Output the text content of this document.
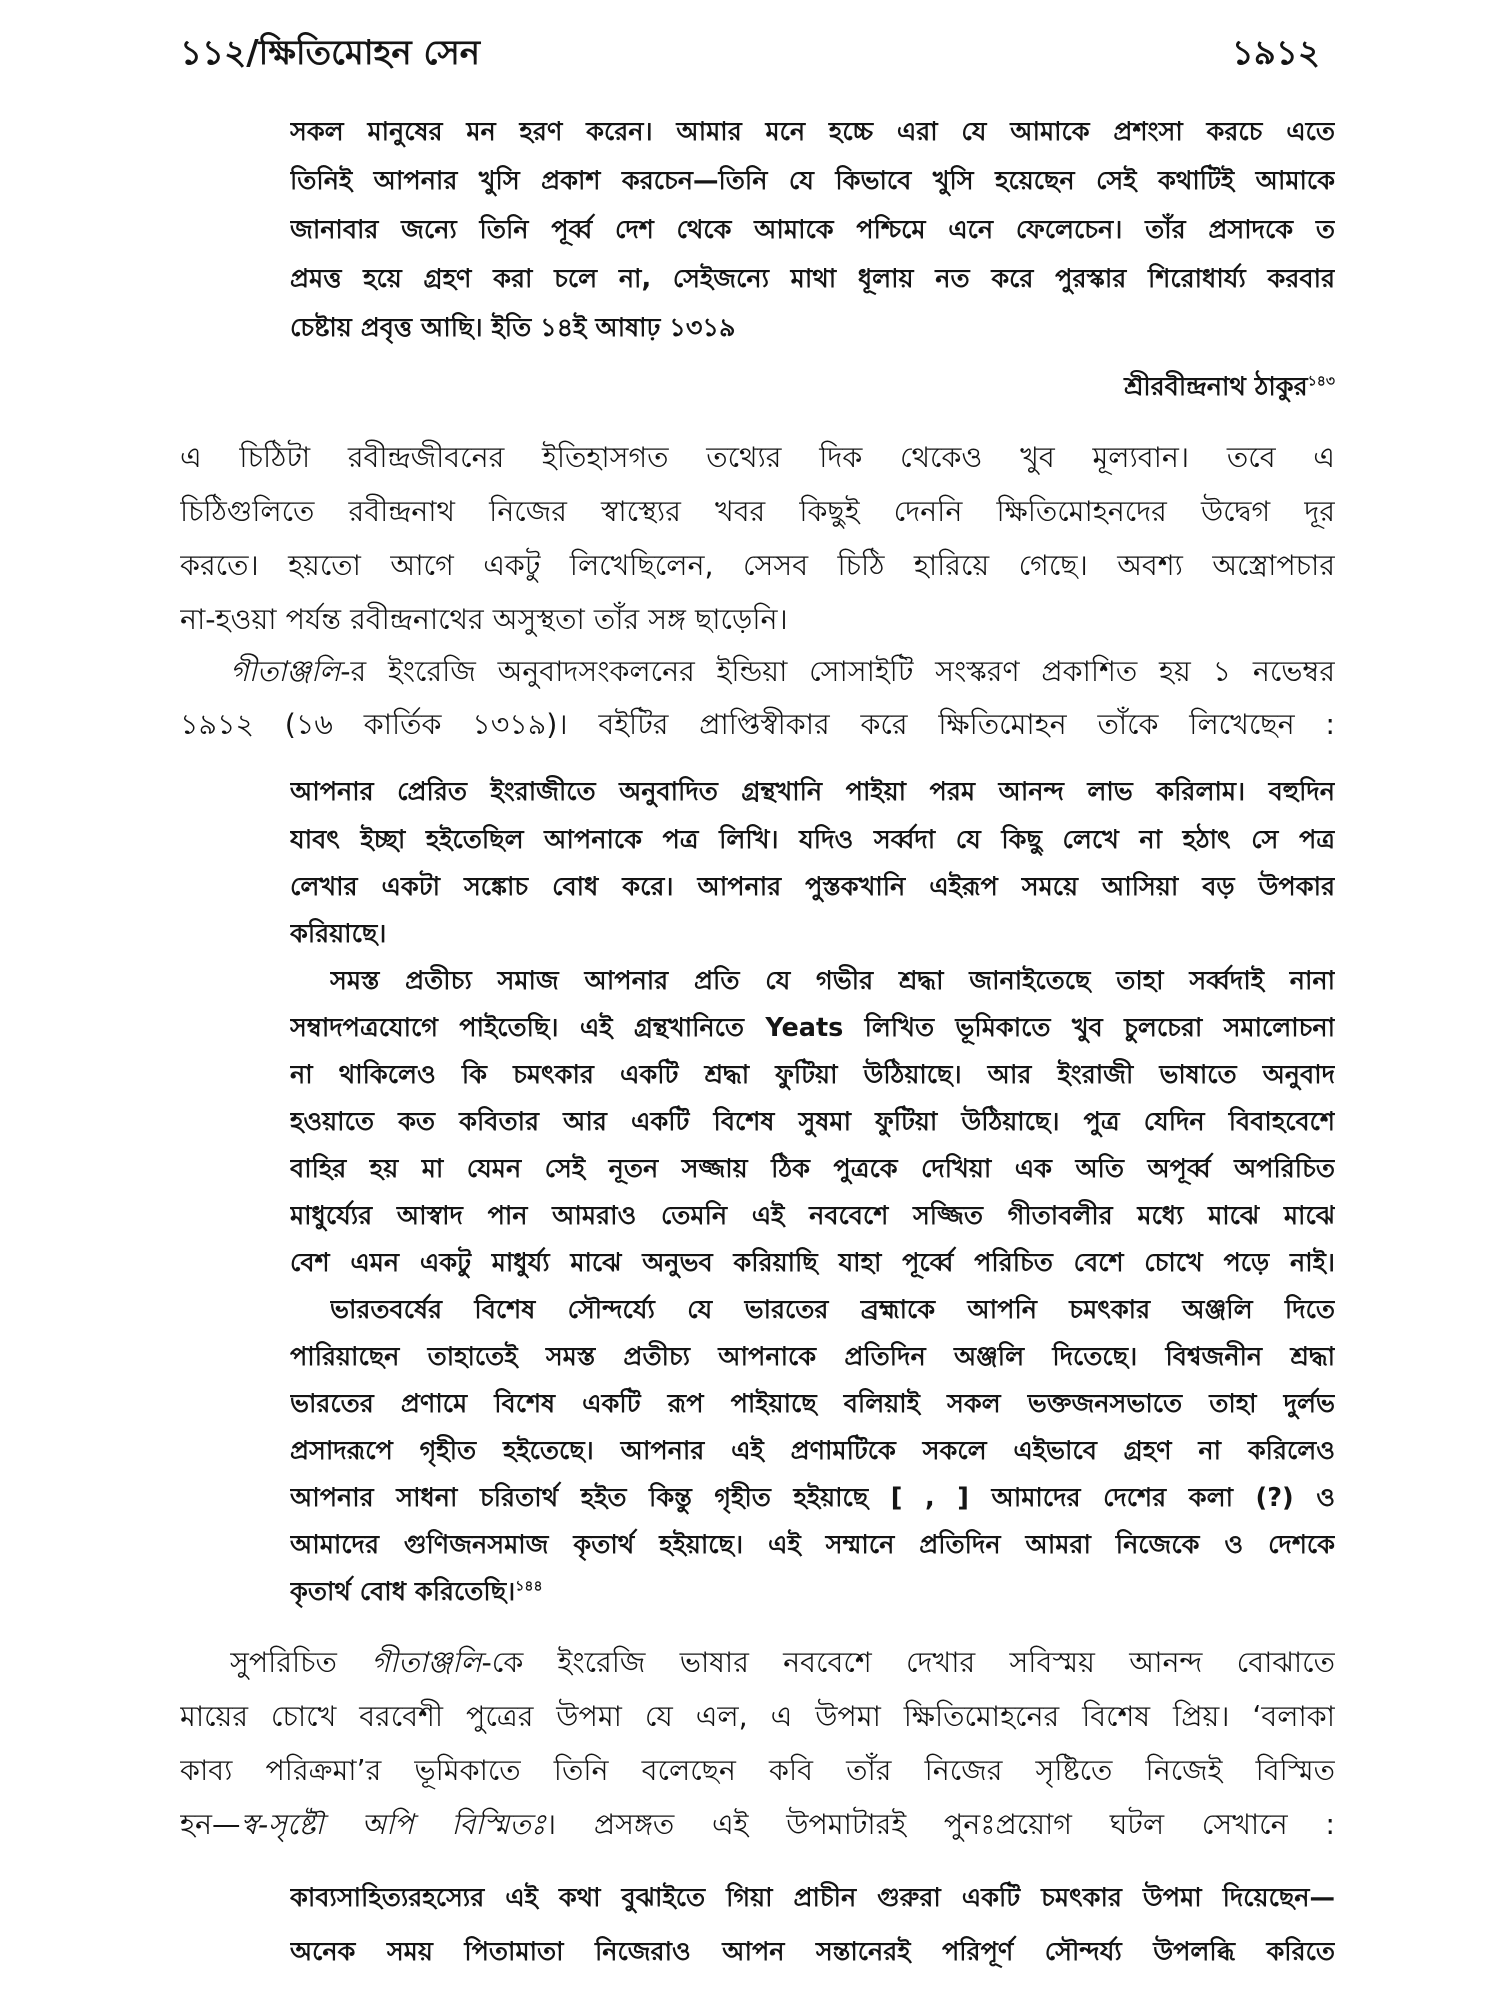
১১২/ক্ষিতিমোহন সেন	১৯১২
সকল মানুষের মন হরণ করেন। আমার মনে হচ্চে এরা যে আমাকে প্রশংসা করচে এতে
তিনিই আপনার খুসি প্রকাশ করচেন—তিনি যে কিভাবে খুসি হয়েছেন সেই কথাটিই আমাকে
জানাবার জন্যে তিনি পূর্ব্ব দেশ থেকে আমাকে পশ্চিমে এনে ফেলেচেন। তাঁর প্রসাদকে ত
প্রমত্ত হয়ে গ্রহণ করা চলে না, সেইজন্যে মাথা ধূলায় নত করে পুরস্কার শিরোধার্য্য করবার
চেষ্টায় প্রবৃত্ত আছি। ইতি ১৪ই আষাঢ় ১৩১৯
শ্রীরবীন্দ্রনাথ ঠাকুর$^{১৪৩}$
এ চিঠিটা রবীন্দ্রজীবনের ইতিহাসগত তথ্যের দিক থেকেও খুব মূল্যবান। তবে এ
চিঠিগুলিতে রবীন্দ্রনাথ নিজের স্বাস্থ্যের খবর কিছুই দেননি ক্ষিতিমোহনদের উদ্বেগ দূর
করতে। হয়তো আগে একটু লিখেছিলেন, সেসব চিঠি হারিয়ে গেছে। অবশ্য অস্ত্রোপচার
না-হওয়া পর্যন্ত রবীন্দ্রনাথের অসুস্থতা তাঁর সঙ্গ ছাড়েনি।
গীতাঞ্জলি-র ইংরেজি অনুবাদসংকলনের ইন্ডিয়া সোসাইটি সংস্করণ প্রকাশিত হয় ১ নভেম্বর
১৯১২ (১৬ কার্তিক ১৩১৯)। বইটির প্রাপ্তিস্বীকার করে ক্ষিতিমোহন তাঁকে লিখেছেন :
আপনার প্রেরিত ইংরাজীতে অনুবাদিত গ্রন্থখানি পাইয়া পরম আনন্দ লাভ করিলাম। বহুদিন
যাবৎ ইচ্ছা হইতেছিল আপনাকে পত্র লিখি। যদিও সর্ব্বদা যে কিছু লেখে না হঠাৎ সে পত্র
লেখার একটা সঙ্কোচ বোধ করে। আপনার পুস্তকখানি এইরূপ সময়ে আসিয়া বড় উপকার
করিয়াছে।
সমস্ত প্রতীচ্য সমাজ আপনার প্রতি যে গভীর শ্রদ্ধা জানাইতেছে তাহা সর্ব্বদাই নানা
সম্বাদপত্রযোগে পাইতেছি। এই গ্রন্থখানিতে Yeats লিখিত ভূমিকাতে খুব চুলচেরা সমালোচনা
না থাকিলেও কি চমৎকার একটি শ্রদ্ধা ফুটিয়া উঠিয়াছে। আর ইংরাজী ভাষাতে অনুবাদ
হওয়াতে কত কবিতার আর একটি বিশেষ সুষমা ফুটিয়া উঠিয়াছে। পুত্র যেদিন বিবাহবেশে
বাহির হয় মা যেমন সেই নূতন সজ্জায় ঠিক পুত্রকে দেখিয়া এক অতি অপূর্ব্ব অপরিচিত
মাধুর্য্যের আস্বাদ পান আমরাও তেমনি এই নববেশে সজ্জিত গীতাবলীর মধ্যে মাঝে মাঝে
বেশ এমন একটু মাধুর্য্য মাঝে অনুভব করিয়াছি যাহা পূর্ব্বে পরিচিত বেশে চোখে পড়ে নাই।
ভারতবর্ষের বিশেষ সৌন্দর্য্যে যে ভারতের ব্রহ্মাকে আপনি চমৎকার অঞ্জলি দিতে
পারিয়াছেন তাহাতেই সমস্ত প্রতীচ্য আপনাকে প্রতিদিন অঞ্জলি দিতেছে। বিশ্বজনীন শ্রদ্ধা
ভারতের প্রণামে বিশেষ একটি রূপ পাইয়াছে বলিয়াই সকল ভক্তজনসভাতে তাহা দুর্লভ
প্রসাদরূপে গৃহীত হইতেছে। আপনার এই প্রণামটিকে সকলে এইভাবে গ্রহণ না করিলেও
আপনার সাধনা চরিতার্থ হইত কিন্তু গৃহীত হইয়াছে [ , ] আমাদের দেশের কলা (?) ও
আমাদের গুণিজনসমাজ কৃতার্থ হইয়াছে। এই সম্মানে প্রতিদিন আমরা নিজেকে ও দেশকে
কৃতার্থ বোধ করিতেছি।$^{১৪৪}$
সুপরিচিত গীতাঞ্জলি-কে ইংরেজি ভাষার নববেশে দেখার সবিস্ময় আনন্দ বোঝাতে
মায়ের চোখে বরবেশী পুত্রের উপমা যে এল, এ উপমা ক্ষিতিমোহনের বিশেষ প্রিয়। ‘বলাকা
কাব্য পরিক্রমা’র ভূমিকাতে তিনি বলেছেন কবি তাঁর নিজের সৃষ্টিতে নিজেই বিস্মিত
হন—স্ব-সৃষ্টৌ অপি বিস্মিতঃ। প্রসঙ্গত এই উপমাটারই পুনঃপ্রয়োগ ঘটল সেখানে :
কাব্যসাহিত্যরহস্যের এই কথা বুঝাইতে গিয়া প্রাচীন গুরুরা একটি চমৎকার উপমা দিয়েছেন—
অনেক সময় পিতামাতা নিজেরাও আপন সন্তানেরই পরিপূর্ণ সৌন্দর্য্য উপলব্ধি করিতে
